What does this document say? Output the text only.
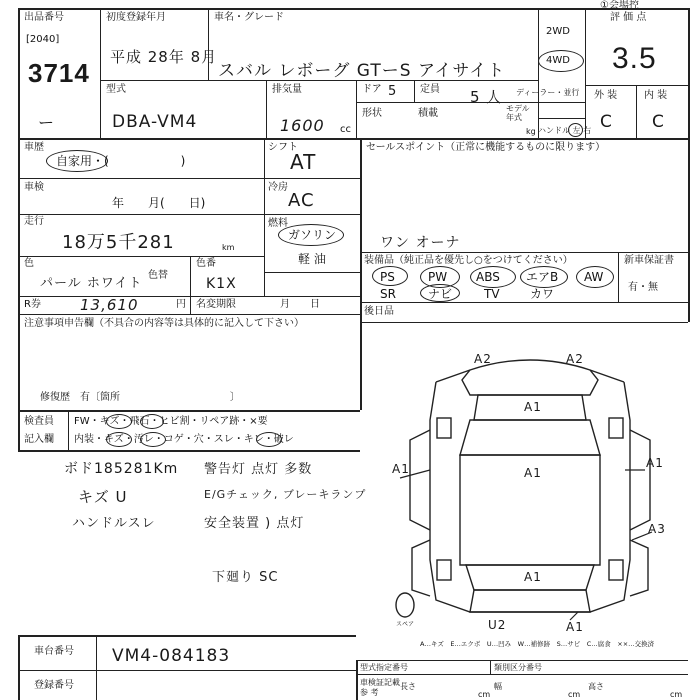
①会場控
出品番号
[2040]
3714
初度登録年月
平成 28年 8月
車名・グレード
スバル レボーグ GTーS アイサイト
2WD
4WD
評 価 点
3.5
外 装	内 装
C C
ー
型式
DBA-VM4
排気量
1600 cc
ドア 5 定員 5 人
積載
kg
形状
ディーラー・並行
モデル 年式
ハンドル 左 右
車歴
自家用・(　　　　　　)
シフト
AT
車検
年　　月(　　日)
冷房
AC
走行
18万5千281	km
燃料
ガソリン
軽 油
色
パール ホワイト
色替
色番
K1X
R券	13,610	円 名変期限	月　　日
注意事項申告欄（不具合の内容等は具体的に記入して下さい）
修復歴　有〔箇所　　　　　　　　　　　〕
検査員
記入欄
FW・キズ・飛石・ヒビ割・リペア跡・×要
内装・キズ・汚レ・コゲ・穴・スレ・キレ・破レ
ボド185281Km
キズ U
ハンドルスレ
警告灯 点灯 多数
E/Gチェック, ブレーキランプ
安全装置 ) 点灯
下廻り SC
セールスポイント（正常に機能するものに限ります）
ワン オーナ
装備品（純正品を優先し○をつけてください）	新車保証書
有・無
PS	PW ABS エアB AW
SR	ナビ	TV	カワ
後日品
A2	A2
A1
A1	A1
A1
A3
A1
U2	A1
スペア
A…キズ　E…エクボ　U…凹み　W…補修跡　S…サビ　C…腐食　××…交換済
車台番号 VM4-084183
登録番号
型式指定番号	類別区分番号
車検証記載
参 考
長さ
cm
幅
cm
高さ
cm
